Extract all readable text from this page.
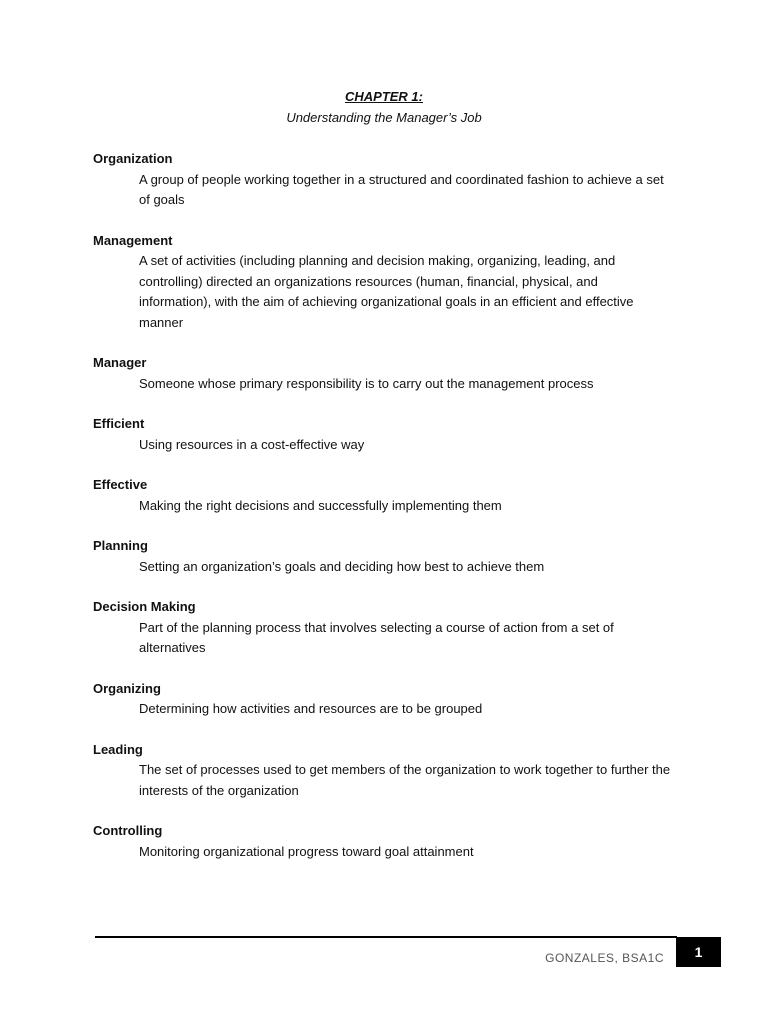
CHAPTER 1:
Understanding the Manager’s Job
Organization
A group of people working together in a structured and coordinated fashion to achieve a set of goals
Management
A set of activities (including planning and decision making, organizing, leading, and controlling) directed an organizations resources (human, financial, physical, and information), with the aim of achieving organizational goals in an efficient and effective manner
Manager
Someone whose primary responsibility is to carry out the management process
Efficient
Using resources in a cost-effective way
Effective
Making the right decisions and successfully implementing them
Planning
Setting an organization’s goals and deciding how best to achieve them
Decision Making
Part of the planning process that involves selecting a course of action from a set of alternatives
Organizing
Determining how activities and resources are to be grouped
Leading
The set of processes used to get members of the organization to work together to further the interests of the organization
Controlling
Monitoring organizational progress toward goal attainment
GONZALES, BSA1C	1
